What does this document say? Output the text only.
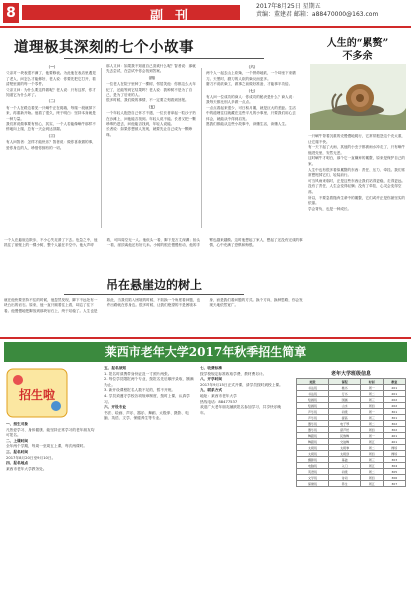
8	副刊
2017年8月25日 星期五
责编：董建君 邮箱：a88470000@163.com
道理极其深刻的七个小故事
（一）
父亲对一块表很不满了，他要修表。为此他在表店里遇见了老人，问怎么才能修好，老人说：你要先把它打开，看清楚里面的每一个零件。
父亲又问：为什么要这样做呢？老人说：只有这样，你才知道它为什么坏了。
（二）
有一个人在路边看见一只蜗牛正在爬墙，每爬一段就掉下来，再重新开始。他看了很久，终于明白：坚持本身就是一种力量。
我们常说做事要有恒心，其实，一个人若能像蜗牛那样不停地向上爬，总有一天会到达顶端。
（三）
有人问智者：怎样才能快乐？智者说：做你喜欢做的事，爱你身边的人，珍惜你拥有的一切。
那人又问：如果我不知道自己喜欢什么呢？智者说：那就先去尝试，在尝试中你会找到答案。
（四）
一位老人在院子里种了一棵树，邻居笑他：你都这么大年纪了，还能等到它结果吗？老人说：我种树不是为了自己，是为了后来的人。
很多时候，我们做的事情，不一定要立刻看到回报。
（五）
一个年轻人抱怨自己怀才不遇，一位长者拿起一粒沙子扔在沙滩上，问他能否找到。年轻人说不能。长者又把一颗珍珠扔进去，问他能否找到，年轻人说能。
长者说：如果你想被人发现，就要先让自己成为一颗珍珠。
（六）
两个人一起去山上砍柴，一个拼命地砍，一个却坐下来磨刀。天黑时，磨刀的人砍的柴反而更多。
磨刀不误砍柴工，做事之前做好准备，才能事半功倍。
（七）
有人问一位成功的商人：你成功的秘诀是什么？商人说：我每天都比别人多做一点点。
一点点看起来很少，可日积月累，就是巨大的差距。生活中的道理往往就藏在这些平凡的小事里，只要我们用心去体会，就能从中得到启发。
愿我们都能从这些小故事中，读懂生活，读懂人生。
人生的“累赘”
不多余
一只蜗牛背着沉重的壳慢慢地爬行，它常常抱怨这个壳太重，让它爬不快。
有一天下起了大雨，其他的小虫子都被雨水冲走了，只有蜗牛缩进壳里，安然无恙。
这时蜗牛才明白，那个它一直嫌弃的累赘，原来是保护自己的家。
人生中也有很多看似累赘的东西：责任、压力、牵挂。我们常常想甩掉它们，轻装前行。
可当风雨来临时，正是这些东西让我们站得更稳，走得更远。
没有了责任，人生会变得轻飘；没有了牵挂，心灵会变得空荡。
所以，不要急着抛弃生命中的累赘，它们或许正是你最坚实的依靠。
学会背负，也是一种成长。
一个人在悬崖边散步，不小心失足滑了下去。危急之中，他抓住了崖壁上的一棵小树，整个人悬在半空中。他大声呼救，可四周空无一人。他低头一看，脚下是万丈深渊；抬头一看，崖顶离他还有好几米。小树的根在慢慢松动，他的手臂也越来越酸。这时他想起了家人，想起了还没有完成的事情，心中充满了恐惧和悔恨。
吊在悬崖边的树上
就在他快要坚持不住的时候，他忽然发现，脚下不远处有一块凸出的岩石。原来，他一直只顾着往上看，却忘了往下看。他慢慢地把脚放到那块岩石上，终于站稳了。人生也是如此，当我们陷入困境的时候，不妨换一个角度看问题，也许出路就在你身边。很多时候，让我们绝望的不是困境本身，而是我们看问题的方式。换个方向，换种思路，你会发现天地依然宽广。
莱西市老年大学2017年秋季招生简章
招生啦
一、招生对象
凡热爱学习、身体健康、能坚持正常学习的老年朋友均可报名。
二、上课时间
全年两个学期，每周一至周五上课，每次两课时。
三、报名时间
2017年8月20日至9月10日。
四、报名地点
莱西市老年大学教务处。
五、报名须知
1. 报名时请携带身份证及一寸照片两张。
2. 每位学员限报两个专业，按报名先后顺序录取，额满为止。
3. 新开设课程报名人数不足的，暂不开班。
4. 学员须遵守学校各项规章制度，按时上课，认真学习。
六、开设专业
书法、绘画、声乐、器乐、舞蹈、太极拳、摄影、电脑、英语、文学、保健养生等专业。
七、收费标准
按学校规定标准收取学费，教材费另计。
八、开学时间
2017年9月15日正式开课，请学员按时到校上课。
九、联系方式
地址：莱西市老年大学
热线电话：88477537
欢迎广大老年朋友踊跃报名参加学习，共享快乐晚年。
老年大学班级信息
班级	课程	时间	教室
书法班	楷书	周一	201
书法班	行书	周二	201
绘画班	国画	周三	202
绘画班	山水	周四	202
声乐班	初级	周一	301
声乐班	提高	周三	301
器乐班	电子琴	周二	302
器乐班	葫芦丝	周四	302
舞蹈班	民族舞	周一	401
舞蹈班	交谊舞	周五	401
太极班	太极拳	周二	操场
太极班	太极剑	周四	操场
摄影班	基础	周三	303
电脑班	入门	周五	304
英语班	初级	周二	305
文学班	诗词	周四	306
保健班	养生	周五	307
